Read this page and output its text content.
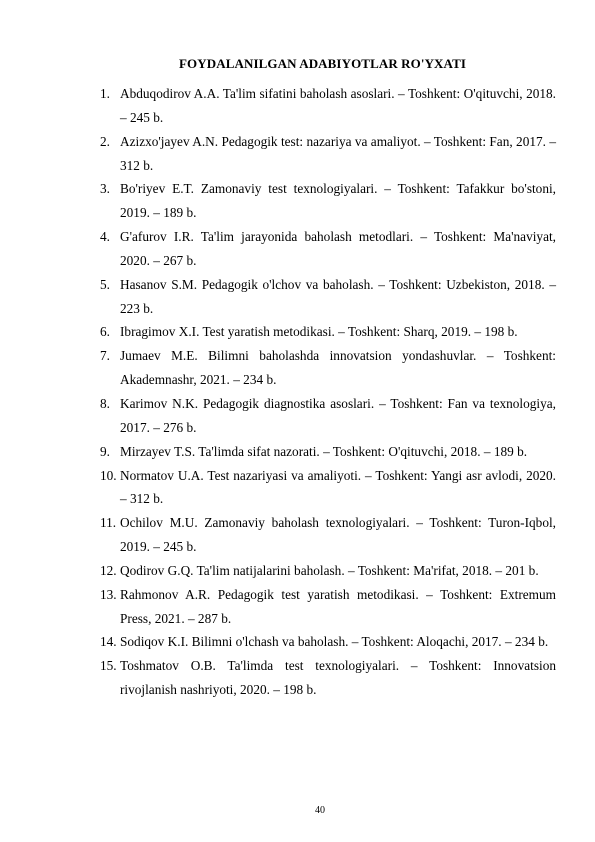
FOYDALANILGAN ADABIYOTLAR RO'YXATI
1. Abduqodirov A.A. Ta'lim sifatini baholash asoslari. – Toshkent: O'qituvchi, 2018. – 245 b.
2. Azizxo'jayev A.N. Pedagogik test: nazariya va amaliyot. – Toshkent: Fan, 2017. – 312 b.
3. Bo'riyev E.T. Zamonaviy test texnologiyalari. – Toshkent: Tafakkur bo'stoni, 2019. – 189 b.
4. G'afurov I.R. Ta'lim jarayonida baholash metodlari. – Toshkent: Ma'naviyat, 2020. – 267 b.
5. Hasanov S.M. Pedagogik o'lchov va baholash. – Toshkent: Uzbekiston, 2018. – 223 b.
6. Ibragimov X.I. Test yaratish metodikasi. – Toshkent: Sharq, 2019. – 198 b.
7. Jumaev M.E. Bilimni baholashda innovatsion yondashuvlar. – Toshkent: Akademnashr, 2021. – 234 b.
8. Karimov N.K. Pedagogik diagnostika asoslari. – Toshkent: Fan va texnologiya, 2017. – 276 b.
9. Mirzayev T.S. Ta'limda sifat nazorati. – Toshkent: O'qituvchi, 2018. – 189 b.
10. Normatov U.A. Test nazariyasi va amaliyoti. – Toshkent: Yangi asr avlodi, 2020. – 312 b.
11. Ochilov M.U. Zamonaviy baholash texnologiyalari. – Toshkent: Turon-Iqbol, 2019. – 245 b.
12. Qodirov G.Q. Ta'lim natijalarini baholash. – Toshkent: Ma'rifat, 2018. – 201 b.
13. Rahmonov A.R. Pedagogik test yaratish metodikasi. – Toshkent: Extremum Press, 2021. – 287 b.
14. Sodiqov K.I. Bilimni o'lchash va baholash. – Toshkent: Aloqachi, 2017. – 234 b.
15. Toshmatov O.B. Ta'limda test texnologiyalari. – Toshkent: Innovatsion rivojlanish nashriyoti, 2020. – 198 b.
40
